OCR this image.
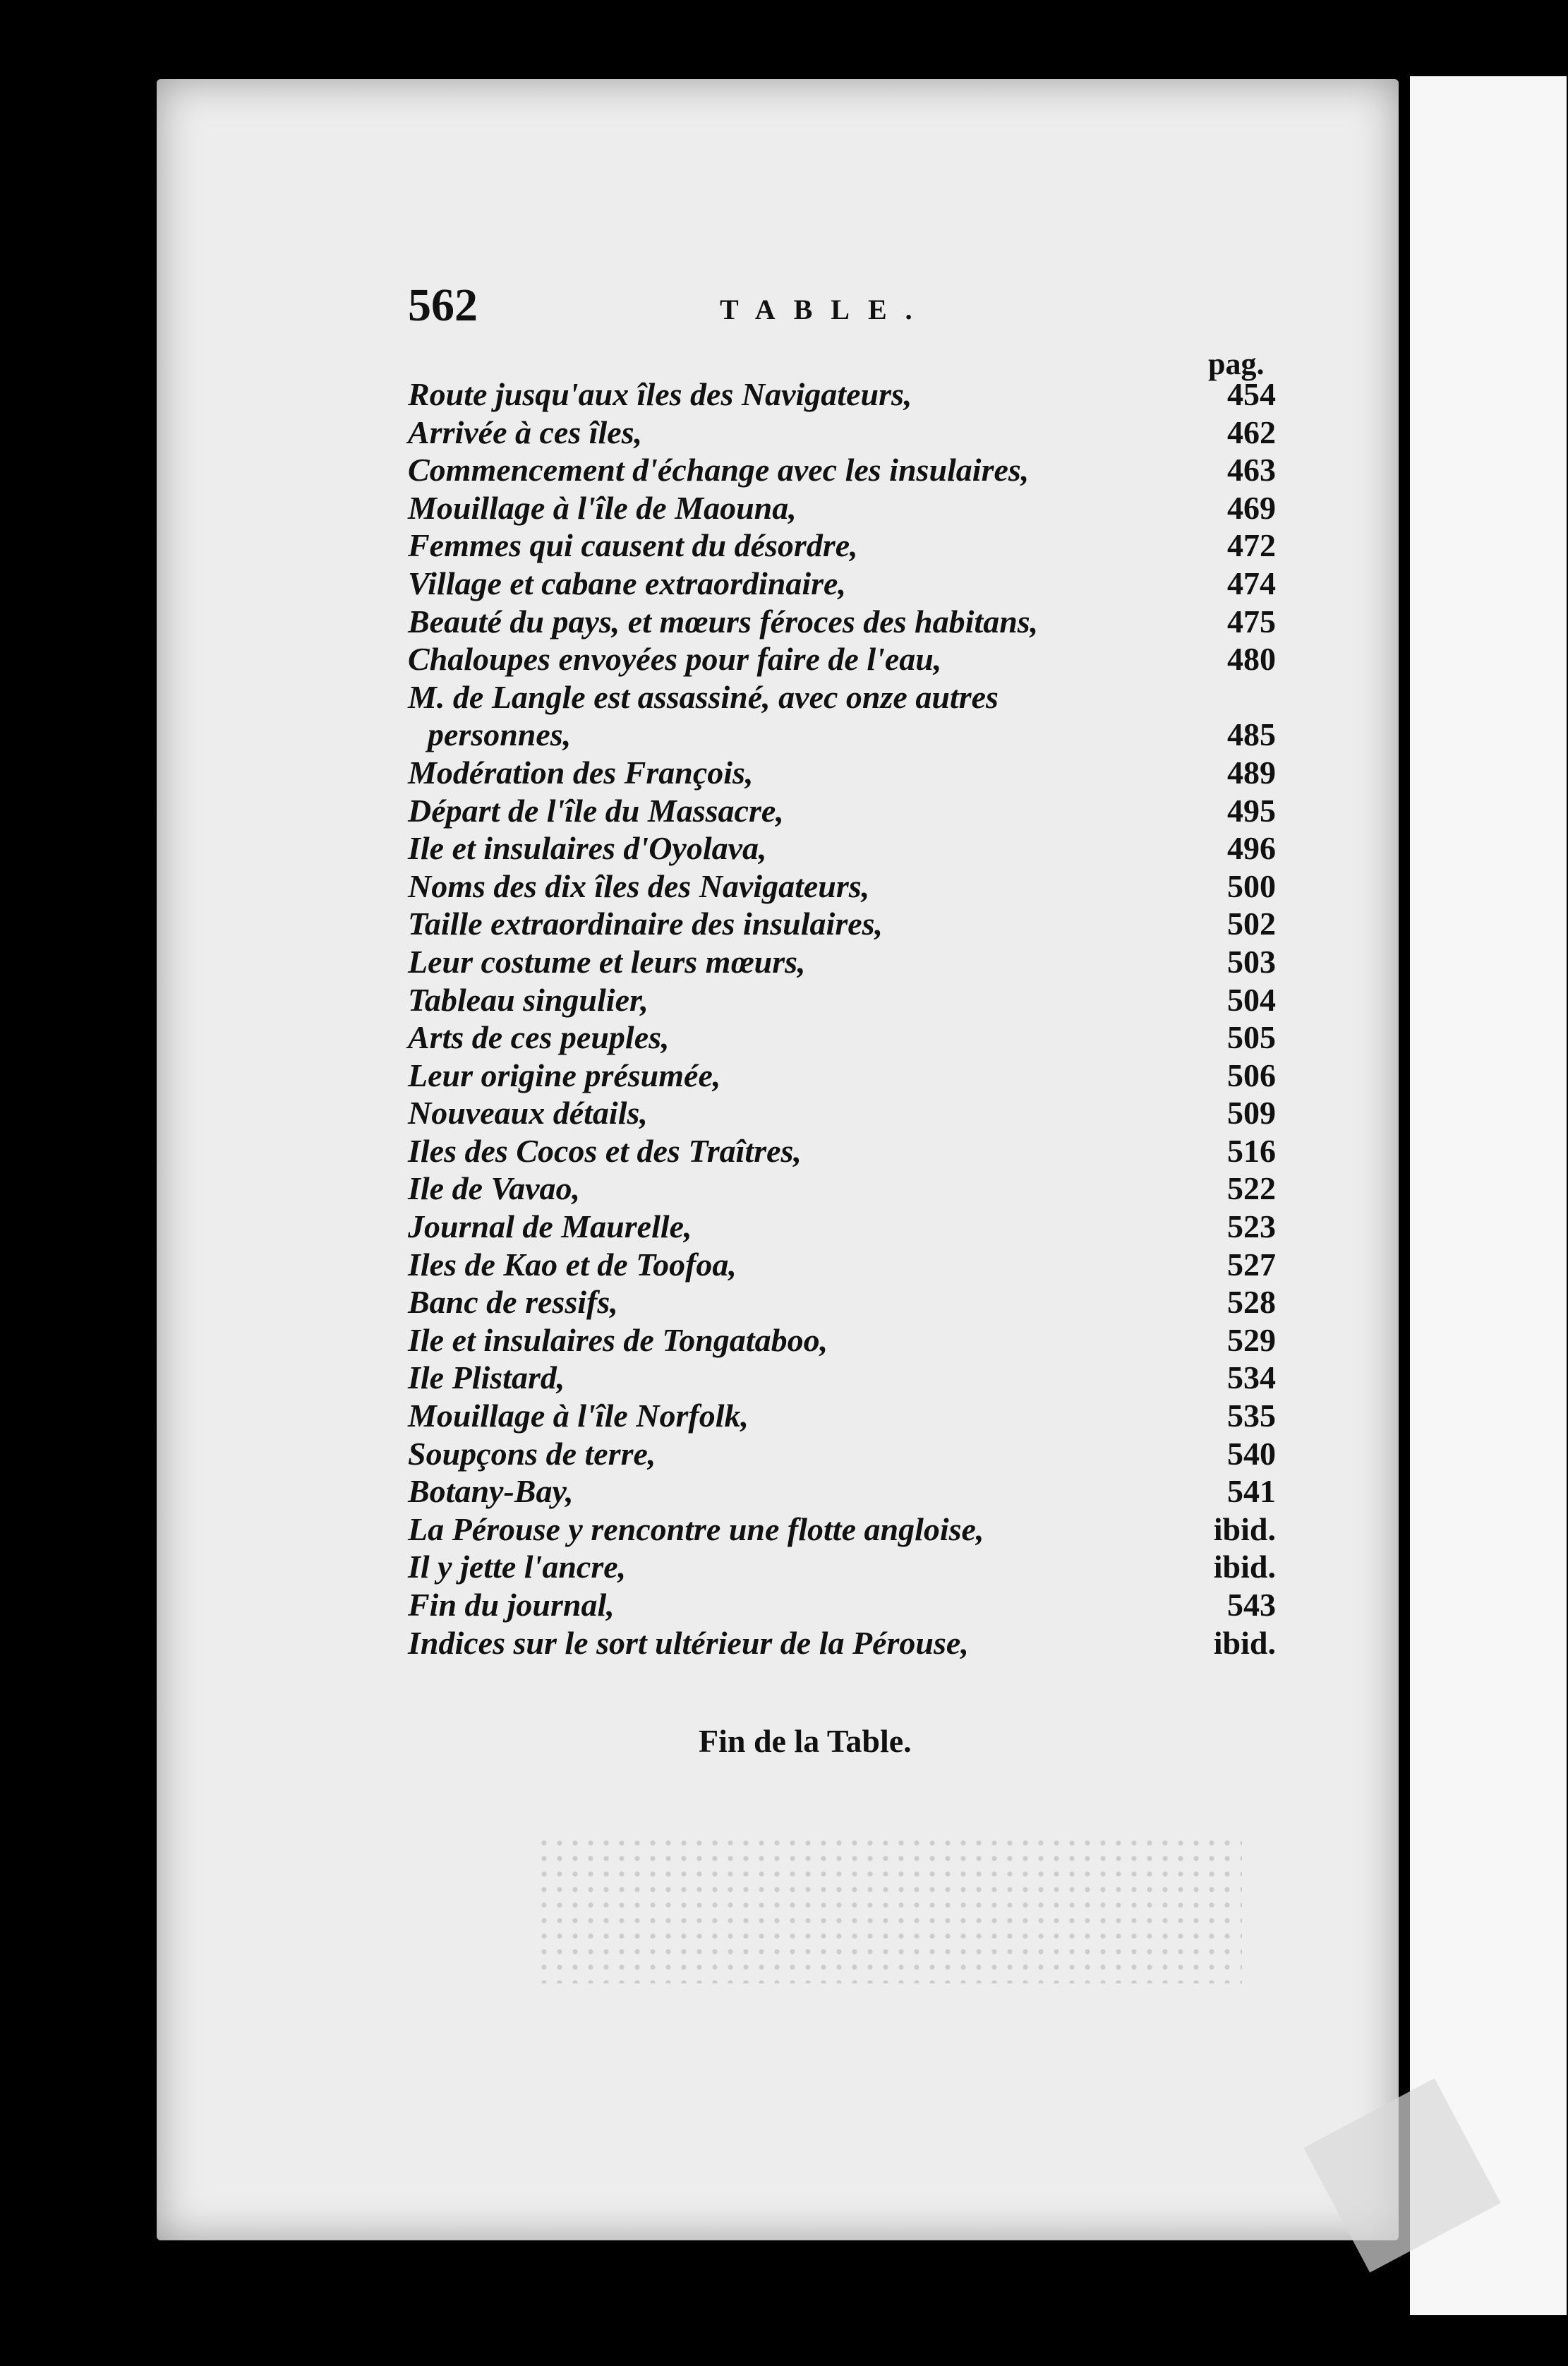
562	TABLE.
pag.
Route jusqu'aux îles des Navigateurs,	454
Arrivée à ces îles,	462
Commencement d'échange avec les insulaires,	463
Mouillage à l'île de Maouna,	469
Femmes qui causent du désordre,	472
Village et cabane extraordinaire,	474
Beauté du pays, et mœurs féroces des habitans,	475
Chaloupes envoyées pour faire de l'eau,	480
M. de Langle est assassiné, avec onze autres
personnes,	485
Modération des François,	489
Départ de l'île du Massacre,	495
Ile et insulaires d'Oyolava,	496
Noms des dix îles des Navigateurs,	500
Taille extraordinaire des insulaires,	502
Leur costume et leurs mœurs,	503
Tableau singulier,	504
Arts de ces peuples,	505
Leur origine présumée,	506
Nouveaux détails,	509
Iles des Cocos et des Traîtres,	516
Ile de Vavao,	522
Journal de Maurelle,	523
Iles de Kao et de Toofoa,	527
Banc de ressifs,	528
Ile et insulaires de Tongataboo,	529
Ile Plistard,	534
Mouillage à l'île Norfolk,	535
Soupçons de terre,	540
Botany-Bay,	541
La Pérouse y rencontre une flotte angloise,	ibid.
Il y jette l'ancre,	ibid.
Fin du journal,	543
Indices sur le sort ultérieur de la Pérouse,	ibid.
Fin de la Table.
